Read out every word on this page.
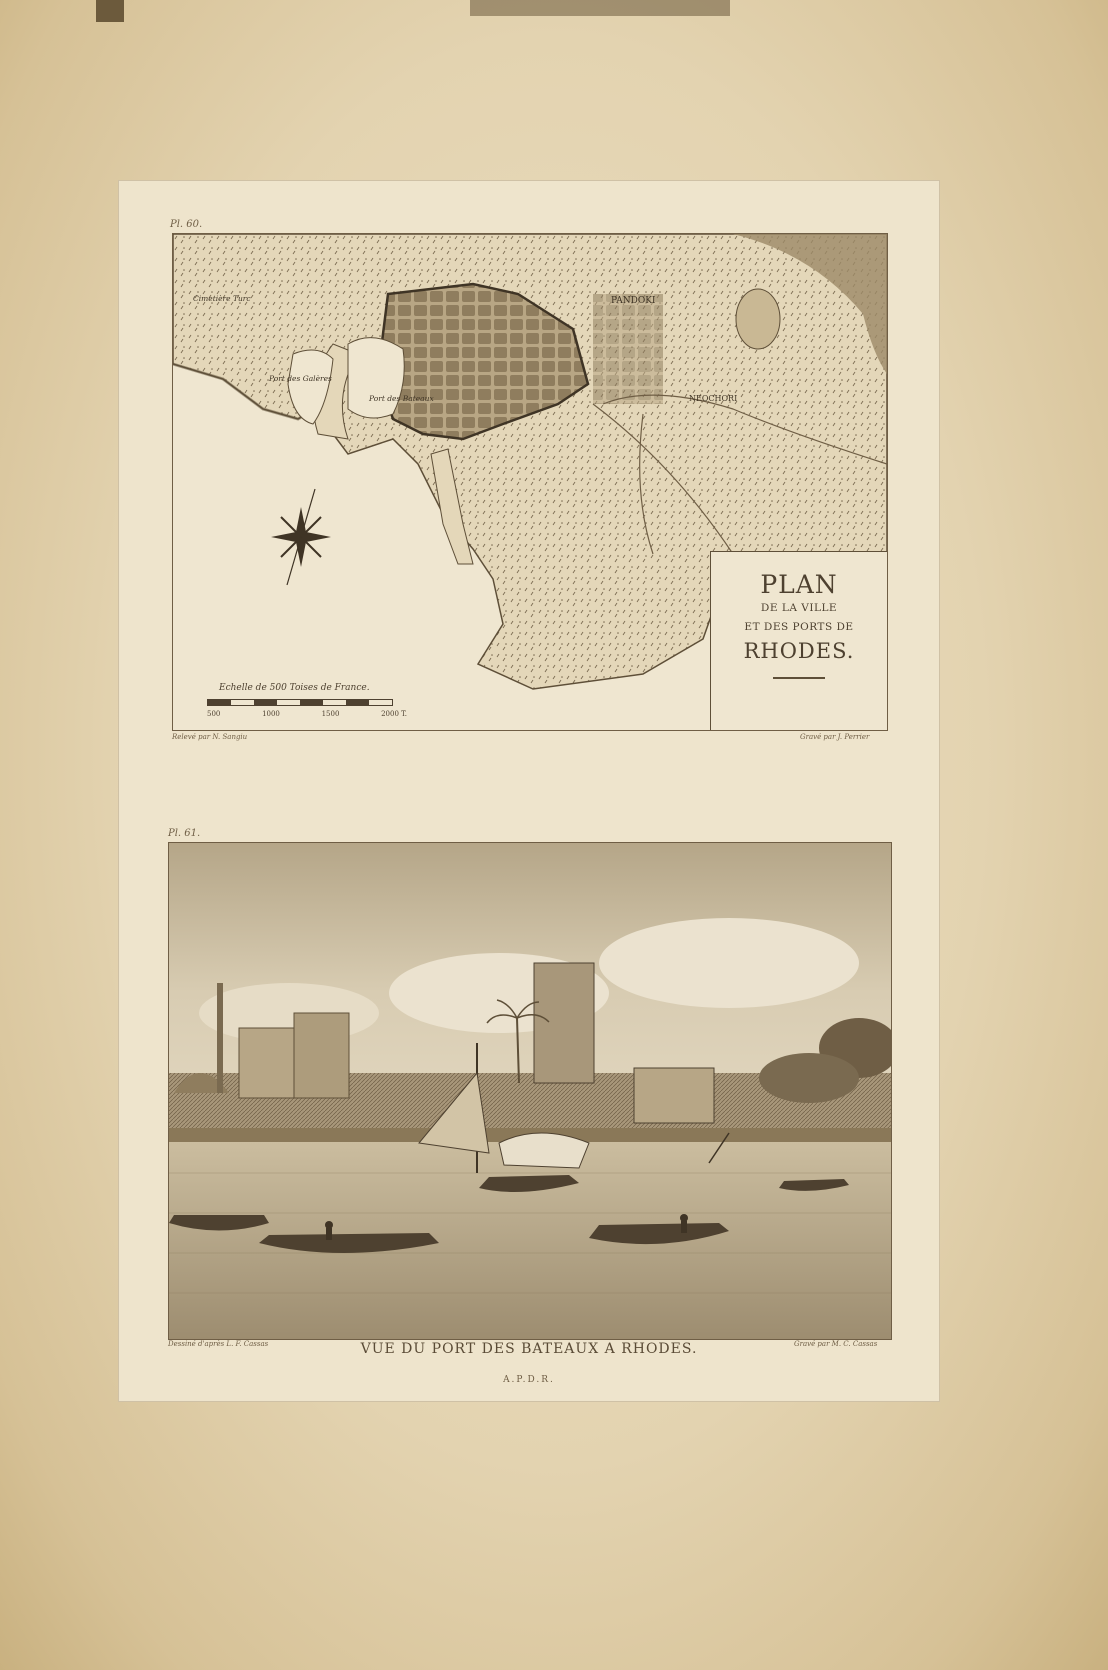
Pl. 60.
PANDOKI
NEOCHORI
Port des Galères
Port des Bateaux
Cimetière Turc
Echelle de 500 Toises de France.
500	1000	1500	2000 T.
PLAN
DE LA VILLE
ET DES PORTS DE
RHODES.
Relevé par N. Sangiu	Gravé par J. Perrier
Pl. 61.
Dessiné d'après L. F. Cassas	Gravé par M. C. Cassas
VUE DU PORT DES BATEAUX A RHODES.
A.P.D.R.
